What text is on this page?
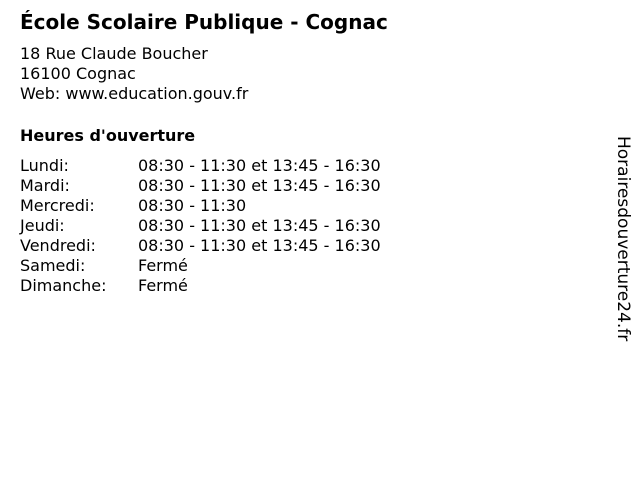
École Scolaire Publique - Cognac
18 Rue Claude Boucher
16100 Cognac
Web: www.education.gouv.fr
Heures d'ouverture
Lundi:	08:30 - 11:30 et 13:45 - 16:30
Mardi:	08:30 - 11:30 et 13:45 - 16:30
Mercredi:	08:30 - 11:30
Jeudi:	08:30 - 11:30 et 13:45 - 16:30
Vendredi:	08:30 - 11:30 et 13:45 - 16:30
Samedi:	Fermé
Dimanche:	Fermé	Horairesdouverture24.fr
